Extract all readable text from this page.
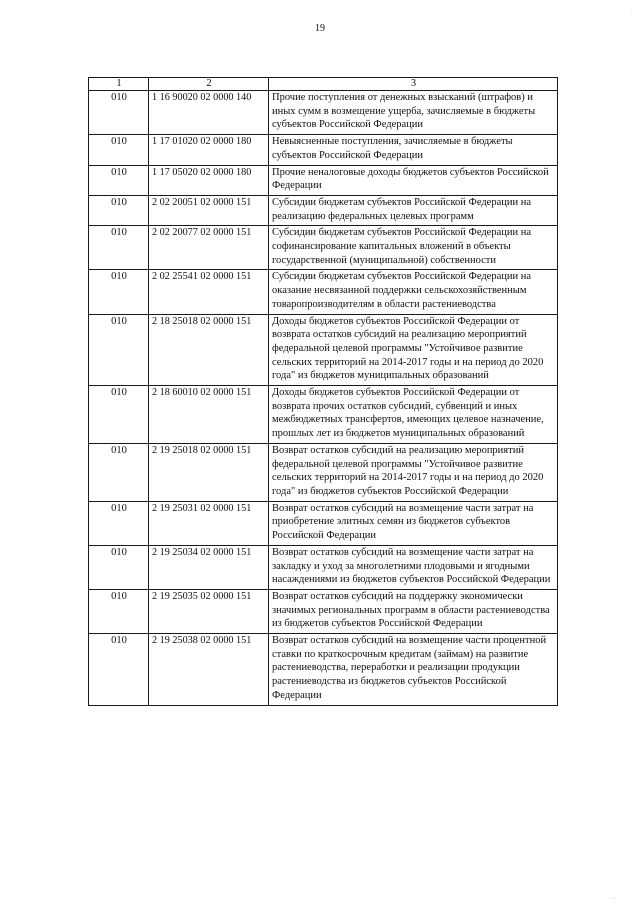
19
1	2	3
010	1 16 90020 02 0000 140	Прочие поступления от денежных взысканий (штрафов) и иных сумм в возмещение ущерба, зачисляемые в бюджеты субъектов Российской Федерации
010	1 17 01020 02 0000 180	Невыясненные поступления, зачисляемые в бюджеты субъектов Российской Федерации
010	1 17 05020 02 0000 180	Прочие неналоговые доходы бюджетов субъектов Российской Федерации
010	2 02 20051 02 0000 151	Субсидии бюджетам субъектов Российской Федерации на реализацию федеральных целевых программ
010	2 02 20077 02 0000 151	Субсидии бюджетам субъектов Российской Федерации на софинансирование капитальных вложений в объекты государственной (муниципальной) собственности
010	2 02 25541 02 0000 151	Субсидии бюджетам субъектов Российской Федерации на оказание несвязанной поддержки сельскохозяйственным товаропроизводителям в области растениеводства
010	2 18 25018 02 0000 151	Доходы бюджетов субъектов Российской Федерации от возврата остатков субсидий на реализацию мероприятий федеральной целевой программы "Устойчивое развитие сельских территорий на 2014-2017 годы и на период до 2020 года" из бюджетов муниципальных образований
010	2 18 60010 02 0000 151	Доходы бюджетов субъектов Российской Федерации от возврата прочих остатков субсидий, субвенций и иных межбюджетных трансфертов, имеющих целевое назначение, прошлых лет из бюджетов муниципальных образований
010	2 19 25018 02 0000 151	Возврат остатков субсидий на реализацию мероприятий федеральной целевой программы "Устойчивое развитие сельских территорий на 2014-2017 годы и на период до 2020 года" из бюджетов субъектов Российской Федерации
010	2 19 25031 02 0000 151	Возврат остатков субсидий на возмещение части затрат на приобретение элитных семян из бюджетов субъектов Российской Федерации
010	2 19 25034 02 0000 151	Возврат остатков субсидий на возмещение части затрат на закладку и уход за многолетними плодовыми и ягодными насаждениями из бюджетов субъектов Российской Федерации
010	2 19 25035 02 0000 151	Возврат остатков субсидий на поддержку экономически значимых региональных программ в области растениеводства из бюджетов субъектов Российской Федерации
010	2 19 25038 02 0000 151	Возврат остатков субсидий на возмещение части процентной ставки по краткосрочным кредитам (займам) на развитие растениеводства, переработки и реализации продукции растениеводства из бюджетов субъектов Российской Федерации
ˎ
ˎ ˎ
